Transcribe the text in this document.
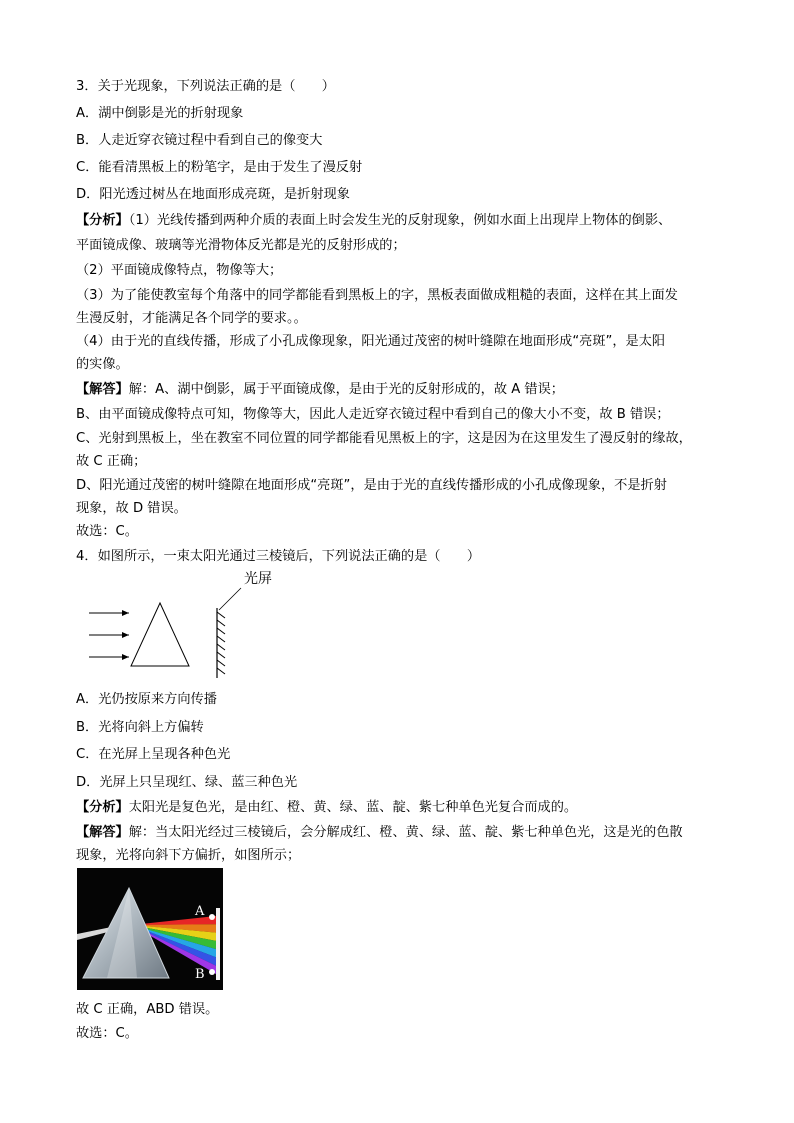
3．关于光现象，下列说法正确的是（　　）
A．湖中倒影是光的折射现象
B．人走近穿衣镜过程中看到自己的像变大
C．能看清黑板上的粉笔字，是由于发生了漫反射
D．阳光透过树丛在地面形成亮斑，是折射现象
【分析】（1）光线传播到两种介质的表面上时会发生光的反射现象，例如水面上出现岸上物体的倒影、
平面镜成像、玻璃等光滑物体反光都是光的反射形成的；
（2）平面镜成像特点，物像等大；
（3）为了能使教室每个角落中的同学都能看到黑板上的字，黑板表面做成粗糙的表面，这样在其上面发
生漫反射，才能满足各个同学的要求。。
（4）由于光的直线传播，形成了小孔成像现象，阳光通过茂密的树叶缝隙在地面形成“亮斑”，是太阳
的实像。
【解答】解：A、湖中倒影，属于平面镜成像，是由于光的反射形成的，故 A 错误；
B、由平面镜成像特点可知，物像等大，因此人走近穿衣镜过程中看到自己的像大小不变，故 B 错误；
C、光射到黑板上，坐在教室不同位置的同学都能看见黑板上的字，这是因为在这里发生了漫反射的缘故，
故 C 正确；
D、阳光通过茂密的树叶缝隙在地面形成“亮斑”，是由于光的直线传播形成的小孔成像现象，不是折射
现象，故 D 错误。
故选：C。
4．如图所示，一束太阳光通过三棱镜后，下列说法正确的是（　　）
光屏
A．光仍按原来方向传播
B．光将向斜上方偏转
C．在光屏上呈现各种色光
D．光屏上只呈现红、绿、蓝三种色光
【分析】太阳光是复色光，是由红、橙、黄、绿、蓝、靛、紫七种单色光复合而成的。
【解答】解：当太阳光经过三棱镜后，会分解成红、橙、黄、绿、蓝、靛、紫七种单色光，这是光的色散
现象，光将向斜下方偏折，如图所示；
A
B
故 C 正确，ABD 错误。
故选：C。
